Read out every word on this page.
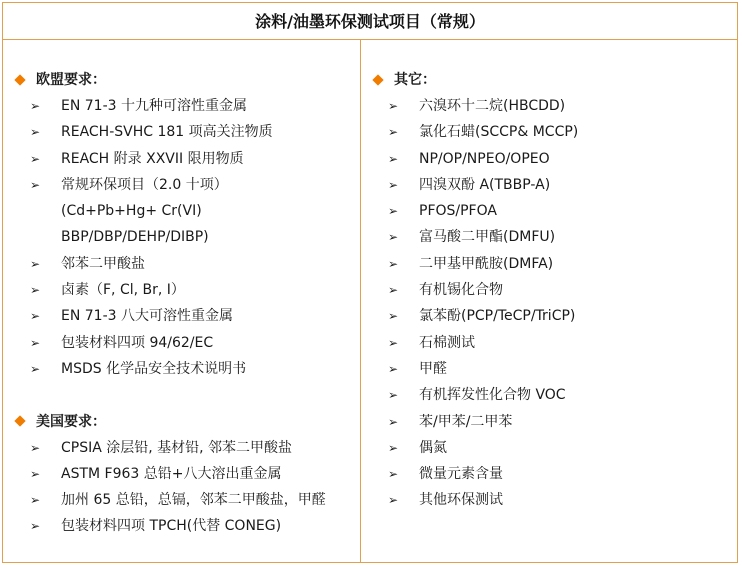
涂料/油墨环保测试项目（常规）
欧盟要求：
➢ EN 71-3 十九种可溶性重金属
➢ REACH-SVHC 181 项高关注物质
➢ REACH 附录 XXVII 限用物质
➢ 常规环保项目（2.0 十项）
(Cd+Pb+Hg+ Cr(VI)
BBP/DBP/DEHP/DIBP)
➢ 邻苯二甲酸盐
➢ 卤素（F, Cl, Br, I）
➢ EN 71-3 八大可溶性重金属
➢ 包装材料四项 94/62/EC
➢ MSDS 化学品安全技术说明书
美国要求：
➢ CPSIA 涂层铅, 基材铅, 邻苯二甲酸盐
➢ ASTM F963 总铅+八大溶出重金属
➢ 加州 65 总铅，总镉，邻苯二甲酸盐，甲醛
➢ 包装材料四项 TPCH(代替 CONEG)
其它：
➢ 六溴环十二烷(HBCDD)
➢ 氯化石蜡(SCCP& MCCP)
➢ NP/OP/NPEO/OPEO
➢ 四溴双酚 A(TBBP-A)
➢ PFOS/PFOA
➢ 富马酸二甲酯(DMFU)
➢ 二甲基甲酰胺(DMFA)
➢ 有机锡化合物
➢ 氯苯酚(PCP/TeCP/TriCP)
➢ 石棉测试
➢ 甲醛
➢ 有机挥发性化合物 VOC
➢ 苯/甲苯/二甲苯
➢ 偶氮
➢ 微量元素含量
➢ 其他环保测试
